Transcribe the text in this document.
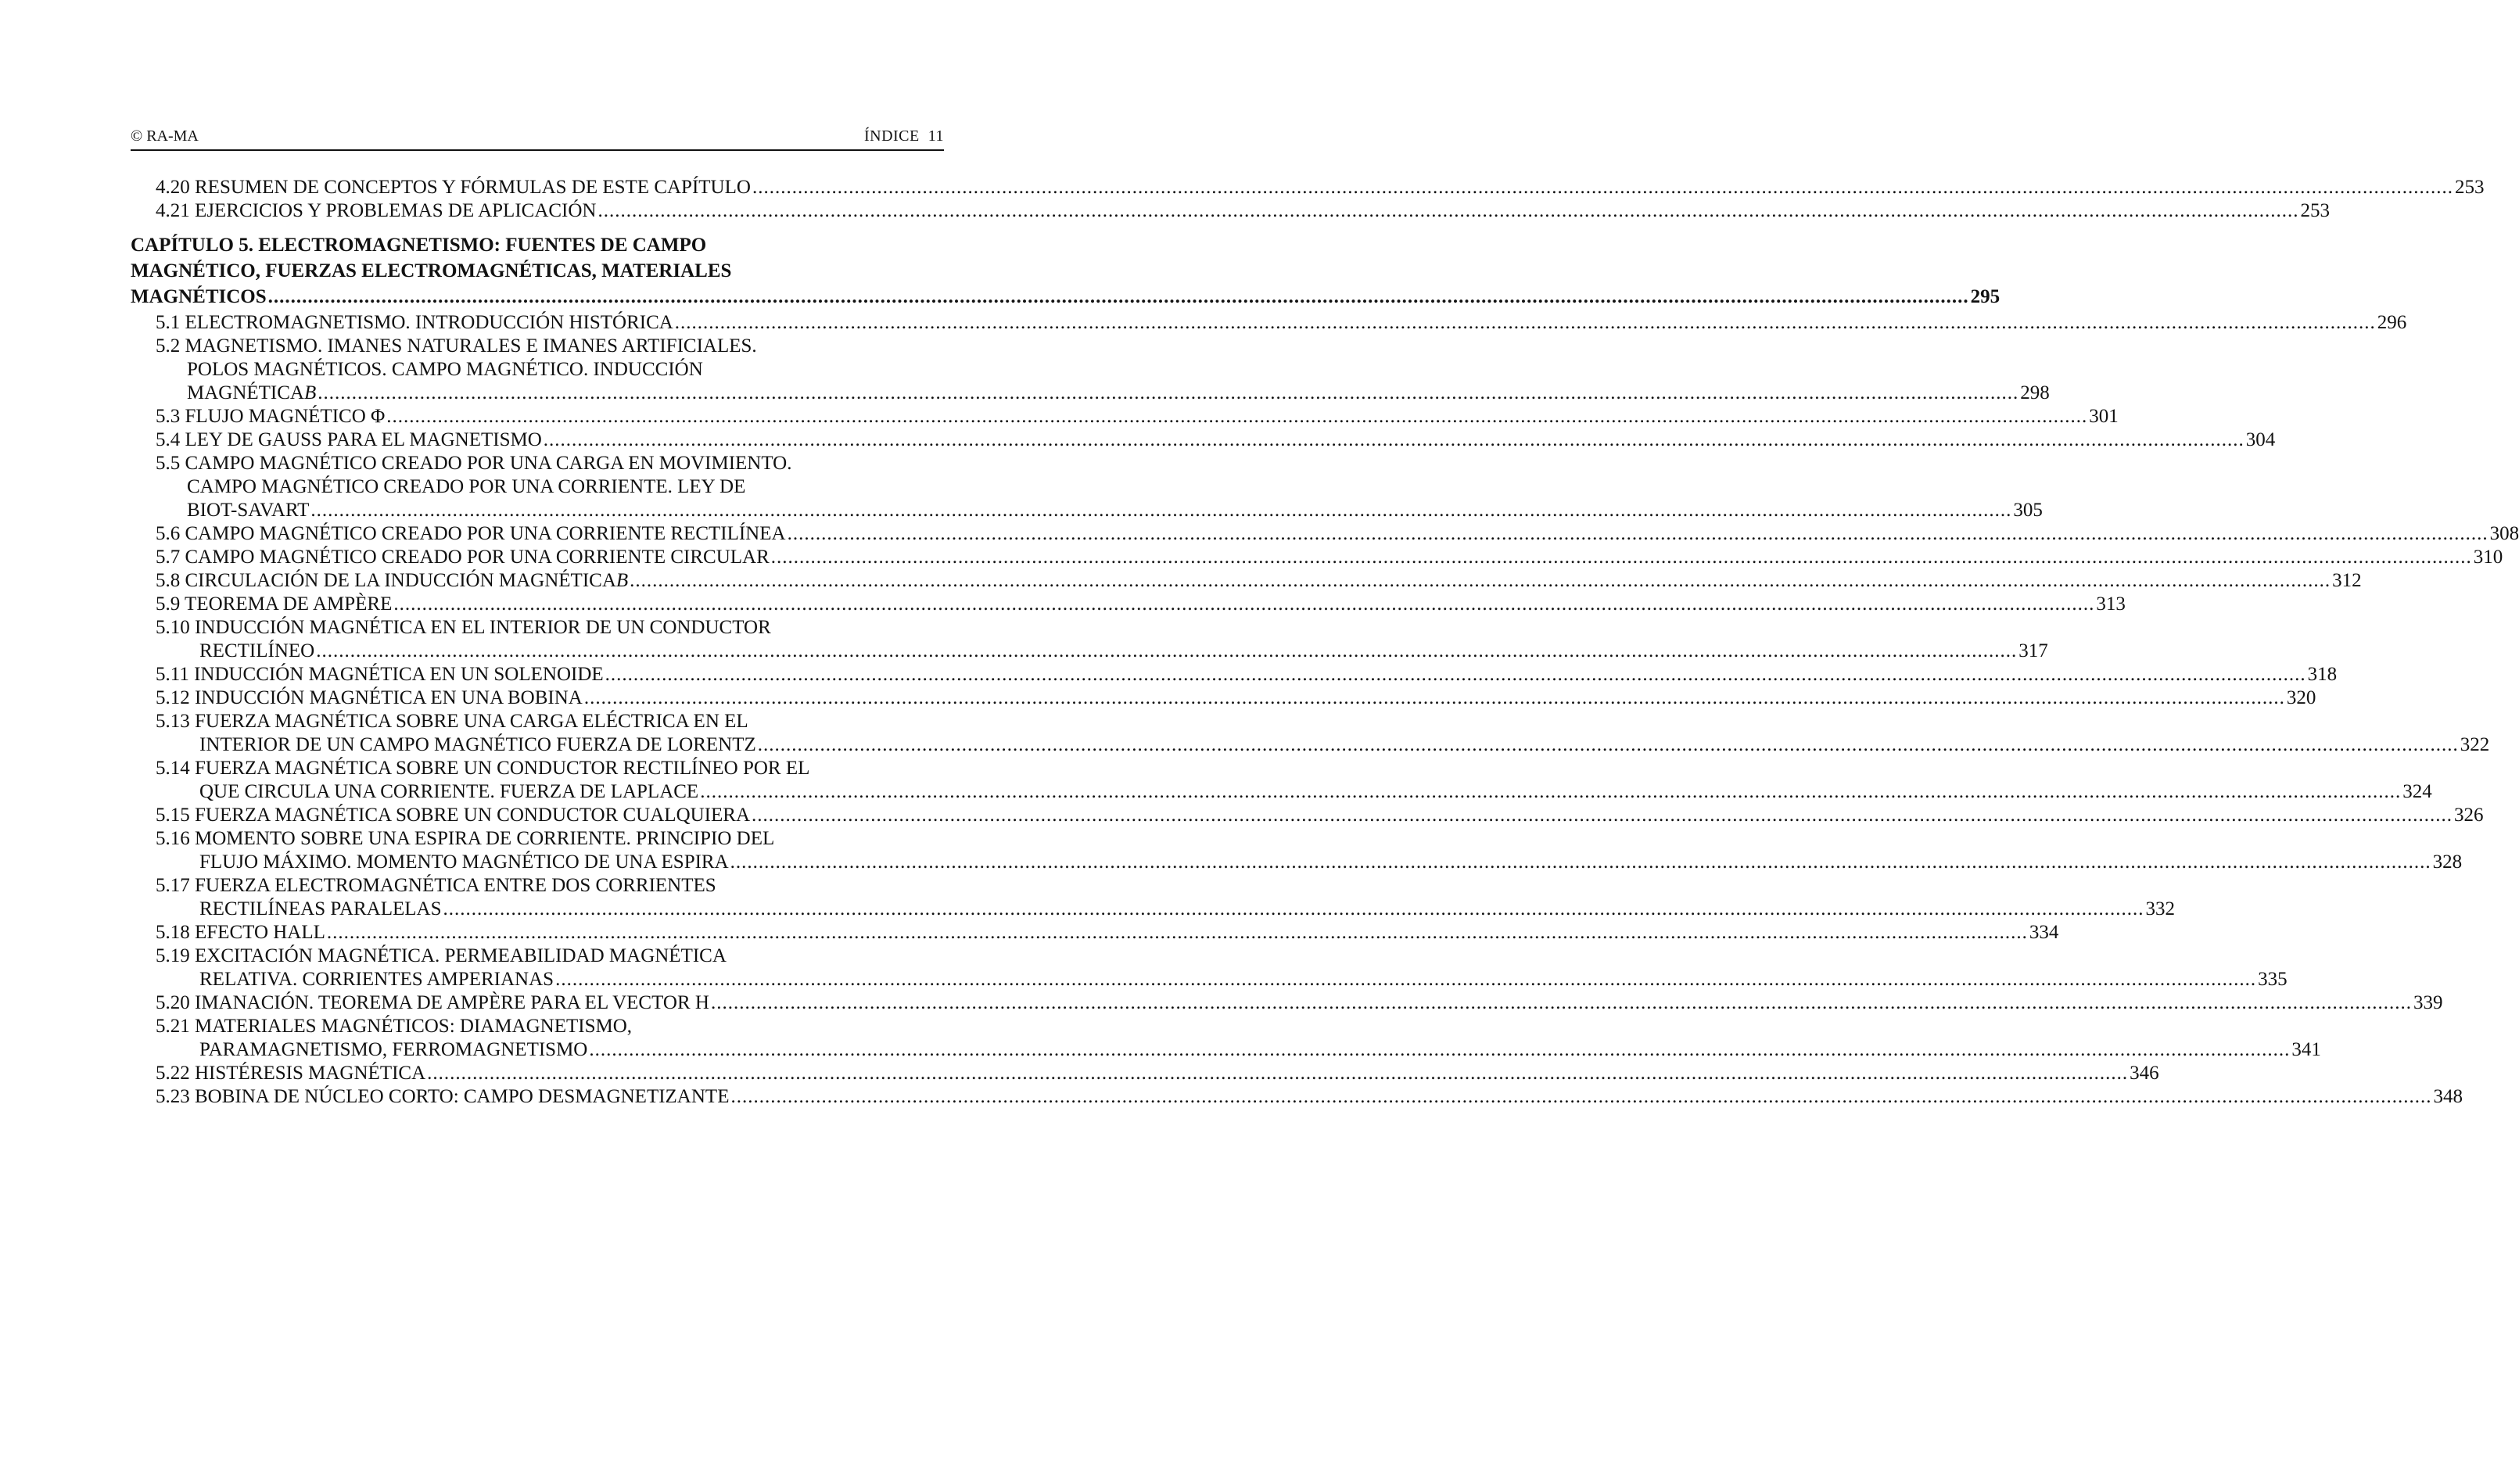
© RA-MA	ÍNDICE 11
4.20 RESUMEN DE CONCEPTOS Y FÓRMULAS DE ESTE CAPÍTULO ............................................................................................................................................................................................................................................................................................................ 253
4.21 EJERCICIOS Y PROBLEMAS DE APLICACIÓN ............................................................................................................................................................................................................................................................................................................ 253
CAPÍTULO 5. ELECTROMAGNETISMO: FUENTES DE CAMPO
MAGNÉTICO, FUERZAS ELECTROMAGNÉTICAS, MATERIALES
MAGNÉTICOS ............................................................................................................................................................................................................................................................................................................ 295
5.1 ELECTROMAGNETISMO. INTRODUCCIÓN HISTÓRICA ............................................................................................................................................................................................................................................................................................................ 296
5.2 MAGNETISMO. IMANES NATURALES E IMANES ARTIFICIALES.
POLOS MAGNÉTICOS. CAMPO MAGNÉTICO. INDUCCIÓN
MAGNÉTICA B ............................................................................................................................................................................................................................................................................................................ 298
5.3 FLUJO MAGNÉTICO Φ ............................................................................................................................................................................................................................................................................................................ 301
5.4 LEY DE GAUSS PARA EL MAGNETISMO ............................................................................................................................................................................................................................................................................................................ 304
5.5 CAMPO MAGNÉTICO CREADO POR UNA CARGA EN MOVIMIENTO.
CAMPO MAGNÉTICO CREADO POR UNA CORRIENTE. LEY DE
BIOT-SAVART ............................................................................................................................................................................................................................................................................................................ 305
5.6 CAMPO MAGNÉTICO CREADO POR UNA CORRIENTE RECTILÍNEA ............................................................................................................................................................................................................................................................................................................ 308
5.7 CAMPO MAGNÉTICO CREADO POR UNA CORRIENTE CIRCULAR ............................................................................................................................................................................................................................................................................................................ 310
5.8 CIRCULACIÓN DE LA INDUCCIÓN MAGNÉTICA B ............................................................................................................................................................................................................................................................................................................ 312
5.9 TEOREMA DE AMPÈRE ............................................................................................................................................................................................................................................................................................................ 313
5.10 INDUCCIÓN MAGNÉTICA EN EL INTERIOR DE UN CONDUCTOR
RECTILÍNEO ............................................................................................................................................................................................................................................................................................................ 317
5.11 INDUCCIÓN MAGNÉTICA EN UN SOLENOIDE ............................................................................................................................................................................................................................................................................................................ 318
5.12 INDUCCIÓN MAGNÉTICA EN UNA BOBINA ............................................................................................................................................................................................................................................................................................................ 320
5.13 FUERZA MAGNÉTICA SOBRE UNA CARGA ELÉCTRICA EN EL
INTERIOR DE UN CAMPO MAGNÉTICO FUERZA DE LORENTZ ............................................................................................................................................................................................................................................................................................................ 322
5.14 FUERZA MAGNÉTICA SOBRE UN CONDUCTOR RECTILÍNEO POR EL
QUE CIRCULA UNA CORRIENTE. FUERZA DE LAPLACE ............................................................................................................................................................................................................................................................................................................ 324
5.15 FUERZA MAGNÉTICA SOBRE UN CONDUCTOR CUALQUIERA ............................................................................................................................................................................................................................................................................................................ 326
5.16 MOMENTO SOBRE UNA ESPIRA DE CORRIENTE. PRINCIPIO DEL
FLUJO MÁXIMO. MOMENTO MAGNÉTICO DE UNA ESPIRA ............................................................................................................................................................................................................................................................................................................ 328
5.17 FUERZA ELECTROMAGNÉTICA ENTRE DOS CORRIENTES
RECTILÍNEAS PARALELAS ............................................................................................................................................................................................................................................................................................................ 332
5.18 EFECTO HALL ............................................................................................................................................................................................................................................................................................................ 334
5.19 EXCITACIÓN MAGNÉTICA. PERMEABILIDAD MAGNÉTICA
RELATIVA. CORRIENTES AMPERIANAS ............................................................................................................................................................................................................................................................................................................ 335
5.20 IMANACIÓN. TEOREMA DE AMPÈRE PARA EL VECTOR H ............................................................................................................................................................................................................................................................................................................ 339
5.21 MATERIALES MAGNÉTICOS: DIAMAGNETISMO,
PARAMAGNETISMO, FERROMAGNETISMO ............................................................................................................................................................................................................................................................................................................ 341
5.22 HISTÉRESIS MAGNÉTICA ............................................................................................................................................................................................................................................................................................................ 346
5.23 BOBINA DE NÚCLEO CORTO: CAMPO DESMAGNETIZANTE ............................................................................................................................................................................................................................................................................................................ 348
